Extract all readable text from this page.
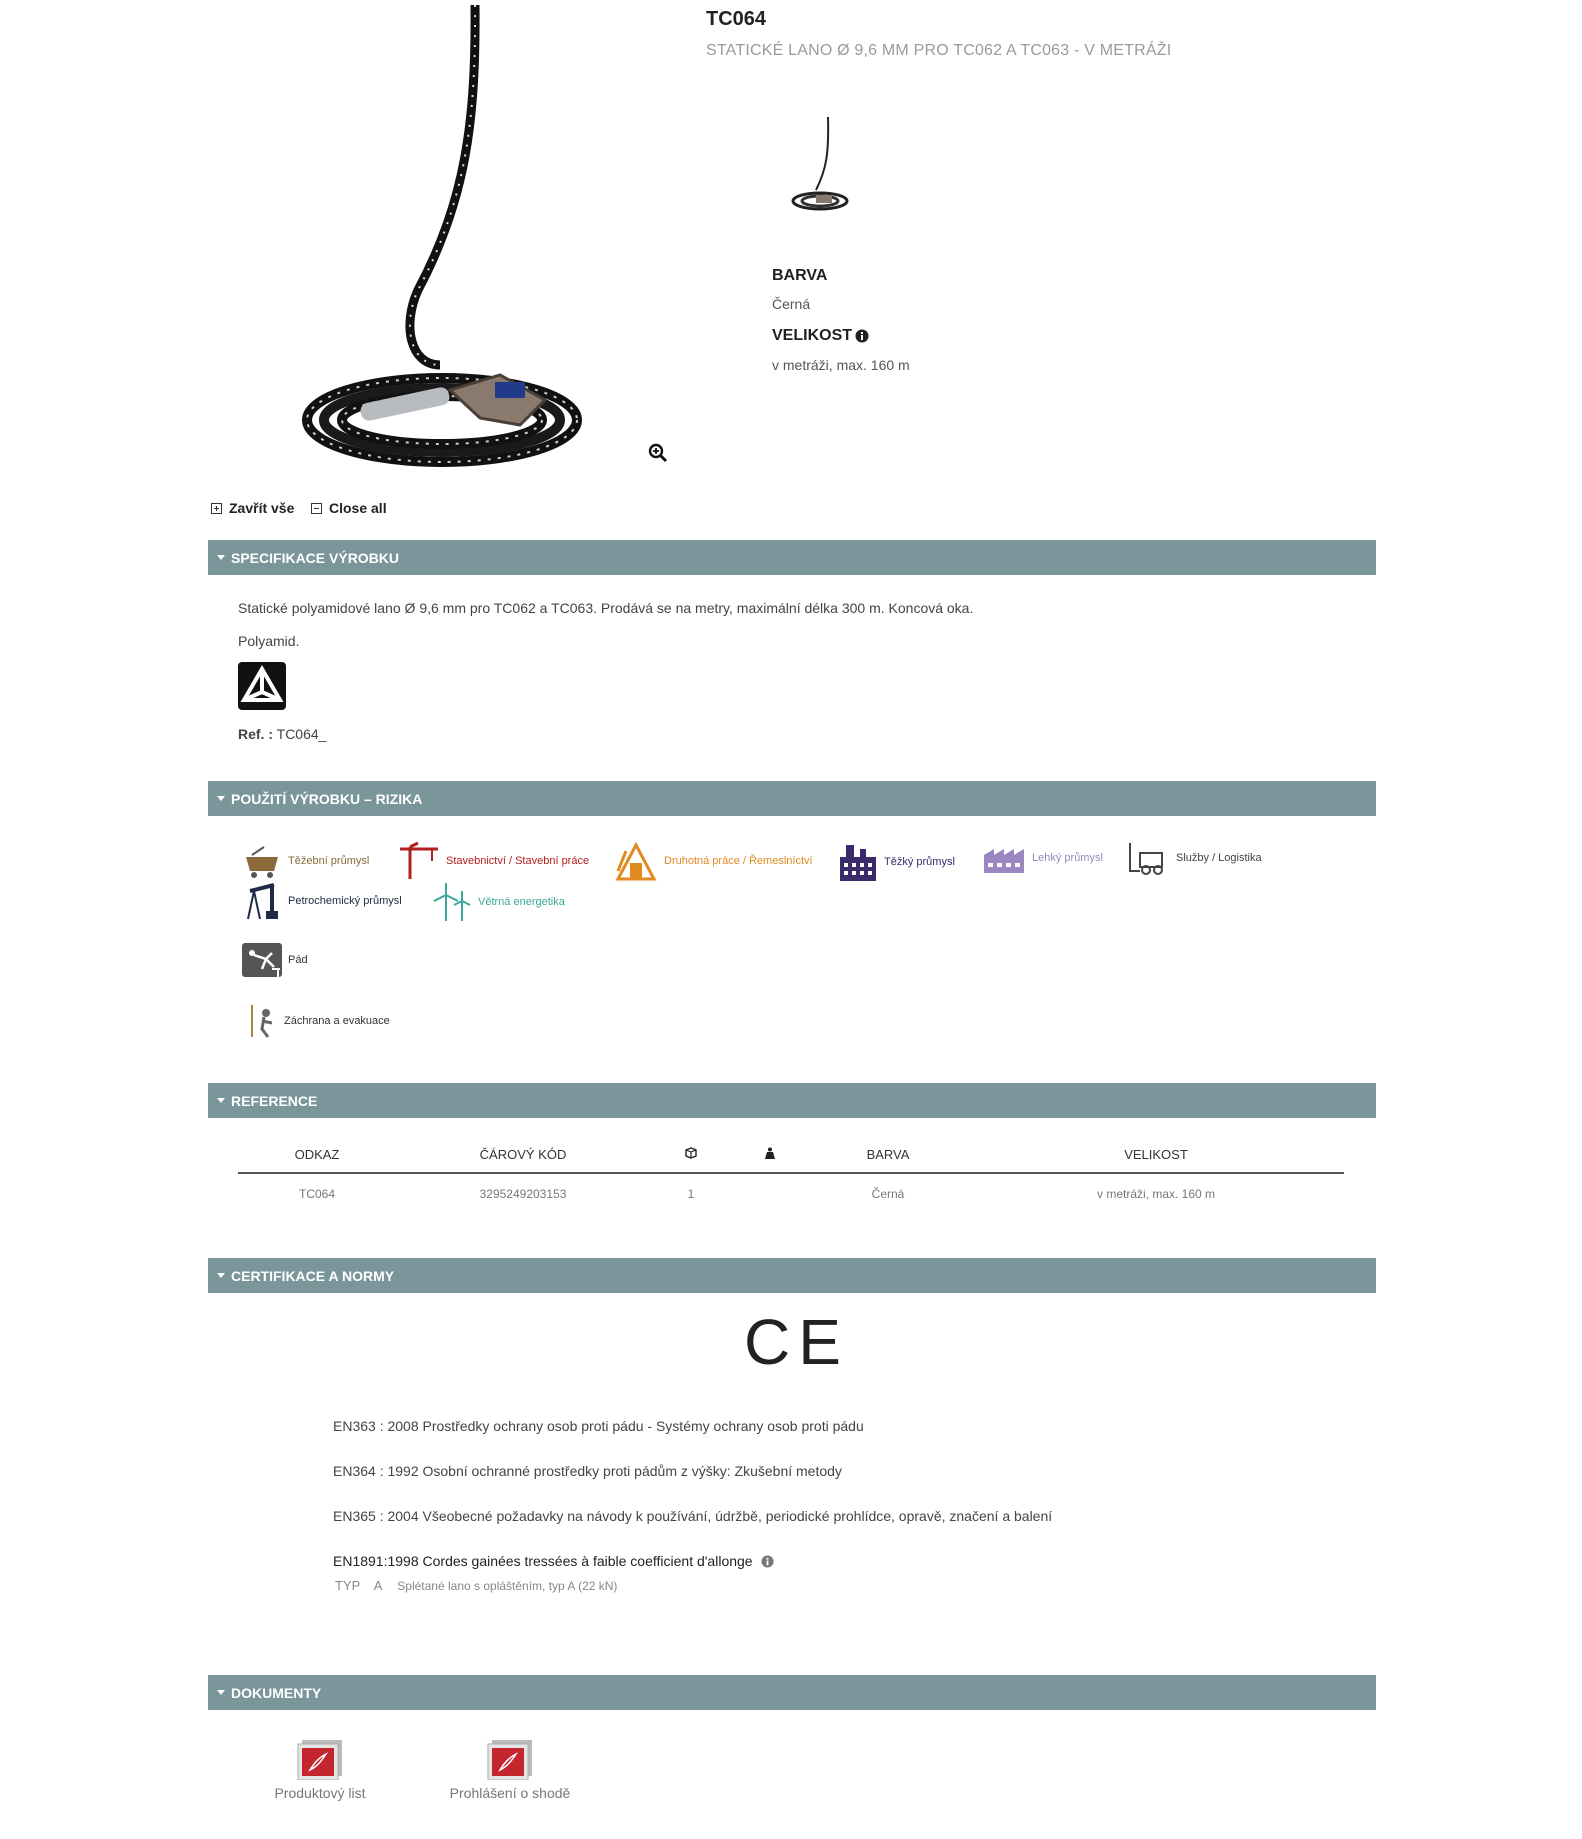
TC064
STATICKÉ LANO Ø 9,6 MM PRO TC062 A TC063 - V METRÁŽI
BARVA
Černá
VELIKOST
v metráži, max. 160 m
Zavřít vše Close all
SPECIFIKACE VÝROBKU
Statické polyamidové lano Ø 9,6 mm pro TC062 a TC063. Prodává se na metry, maximální délka 300 m. Koncová oka.
Polyamid.
Ref. : TC064_
POUŽITÍ VÝROBKU – RIZIKA
Těžební průmysl	Stavebnictví / Stavební práce	Druhotná práce / Řemeslníctví	Těžký průmysl	Lehký průmysl	Služby / Logistika
Petrochemický průmysl	Větrná energetika
Pád
Záchrana a evakuace
REFERENCE
ODKAZ	ČÁROVÝ KÓD			BARVA	VELIKOST
TC064	3295249203153	1		Černá	v metráži, max. 160 m
CERTIFIKACE A NORMY
CE
EN363 : 2008 Prostředky ochrany osob proti pádu - Systémy ochrany osob proti pádu
EN364 : 1992 Osobní ochranné prostředky proti pádům z výšky: Zkušební metody
EN365 : 2004 Všeobecné požadavky na návody k používání, údržbě, periodické prohlídce, opravě, značení a balení
EN1891:1998 Cordes gainées tressées à faible coefficient d'allonge
TYP A Splétané lano s opláštěním, typ A (22 kN)
DOKUMENTY
Produktový list	Prohlášení o shodě
